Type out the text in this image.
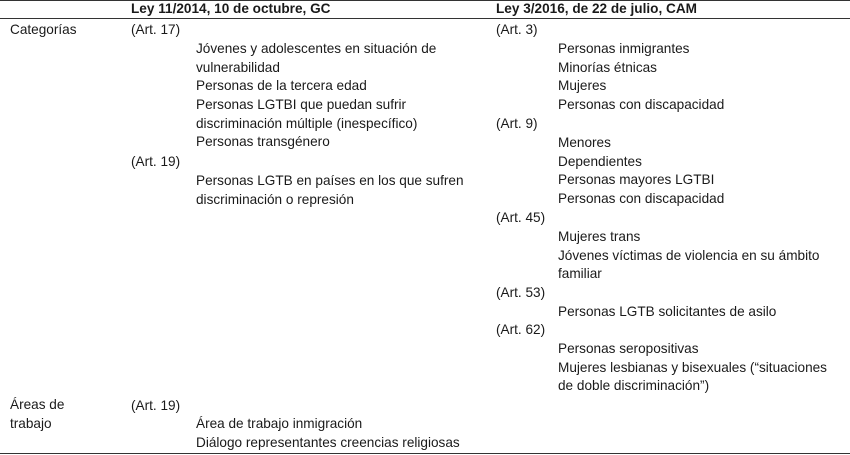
Ley 11/2014, 10 de octubre, GC	Ley 3/2016, de 22 de julio, CAM
Categorías	(Art. 17)
Jóvenes y adolescentes en situación de
vulnerabilidad
Personas de la tercera edad
Personas LGTBI que puedan sufrir
discriminación múltiple (inespecífico)
Personas transgénero
(Art. 19)
Personas LGTB en países en los que sufren
discriminación o represión
(Art. 3)
Personas inmigrantes
Minorías étnicas
Mujeres
Personas con discapacidad
(Art. 9)
Menores
Dependientes
Personas mayores LGTBI
Personas con discapacidad
(Art. 45)
Mujeres trans
Jóvenes víctimas de violencia en su ámbito
familiar
(Art. 53)
Personas LGTB solicitantes de asilo
(Art. 62)
Personas seropositivas
Mujeres lesbianas y bisexuales (“situaciones
de doble discriminación”)
Áreas de
trabajo
(Art. 19)
Área de trabajo inmigración
Diálogo representantes creencias religiosas
